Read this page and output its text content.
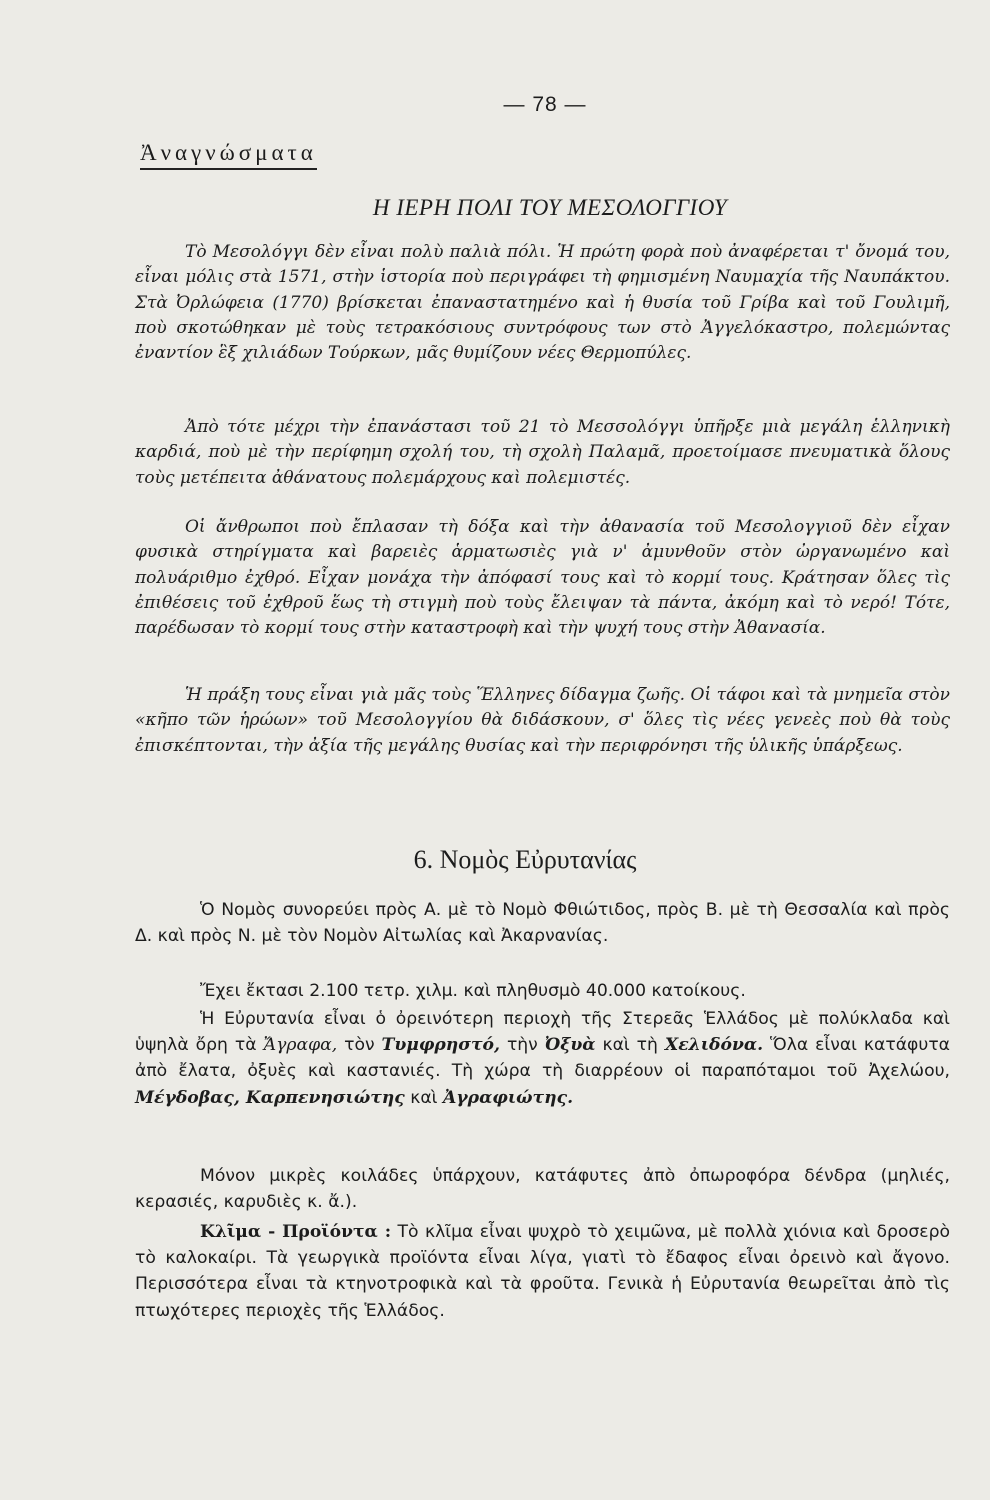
— 78 —
Ἀναγνώσματα
Η ΙΕΡΗ ΠΟΛΙ ΤΟΥ ΜΕΣΟΛΟΓΓΙΟΥ

Τὸ Μεσολόγγι δὲν εἶναι πολὺ παλιὰ πόλι. Ἡ πρώτη φορὰ ποὺ ἀναφέρεται τ' ὄνομά του, εἶναι μόλις στὰ 1571, στὴν ἱστορία ποὺ περιγράφει τὴ φημισμένη Ναυμαχία τῆς Ναυπάκτου. Στὰ Ὀρλώφεια (1770) βρίσκεται ἐπαναστατημένο καὶ ἡ θυσία τοῦ Γρίβα καὶ τοῦ Γουλιμῆ, ποὺ σκοτώθηκαν μὲ τοὺς τετρακόσιους συντρόφους των στὸ Ἀγγελόκαστρο, πολεμώντας ἐναντίον ἓξ χιλιάδων Τούρκων, μᾶς θυμίζουν νέες Θερμοπύλες.

Ἀπὸ τότε μέχρι τὴν ἐπανάστασι τοῦ 21 τὸ Μεσσολόγγι ὑπῆρξε μιὰ μεγάλη ἑλληνικὴ καρδιά, ποὺ μὲ τὴν περίφημη σχολή του, τὴ σχολὴ Παλαμᾶ, προετοίμασε πνευματικὰ ὅλους τοὺς μετέπειτα ἀθάνατους πολεμάρχους καὶ πολεμιστές.

Οἱ ἄνθρωποι ποὺ ἔπλασαν τὴ δόξα καὶ τὴν ἀθανασία τοῦ Μεσολογγιοῦ δὲν εἶχαν φυσικὰ στηρίγματα καὶ βαρειὲς ἁρματωσιὲς γιὰ ν' ἀμυνθοῦν στὸν ὠργανωμένο καὶ πολυάριθμο ἐχθρό. Εἶχαν μονάχα τὴν ἀπόφασί τους καὶ τὸ κορμί τους. Κράτησαν ὅλες τὶς ἐπιθέσεις τοῦ ἐχθροῦ ἕως τὴ στιγμὴ ποὺ τοὺς ἔλειψαν τὰ πάντα, ἀκόμη καὶ τὸ νερό! Τότε, παρέδωσαν τὸ κορμί τους στὴν καταστροφὴ καὶ τὴν ψυχή τους στὴν Ἀθανασία.

Ἡ πράξη τους εἶναι γιὰ μᾶς τοὺς Ἕλληνες δίδαγμα ζωῆς. Οἱ τάφοι καὶ τὰ μνημεῖα στὸν «κῆπο τῶν ἡρώων» τοῦ Μεσολογγίου θὰ διδάσκουν, σ' ὅλες τὶς νέες γενεὲς ποὺ θὰ τοὺς ἐπισκέπτονται, τὴν ἀξία τῆς μεγάλης θυσίας καὶ τὴν περιφρόνησι τῆς ὑλικῆς ὑπάρξεως.

6. Νομὸς Εὐρυτανίας

Ὁ Νομὸς συνορεύει πρὸς Α. μὲ τὸ Νομὸ Φθιώτιδος, πρὸς Β. μὲ τὴ Θεσσαλία καὶ πρὸς Δ. καὶ πρὸς Ν. μὲ τὸν Νομὸν Αἰτωλίας καὶ Ἀκαρνανίας.

Ἔχει ἔκτασι 2.100 τετρ. χιλμ. καὶ πληθυσμὸ 40.000 κατοίκους.

Ἡ Εὐρυτανία εἶναι ὁ ὀρεινότερη περιοχὴ τῆς Στερεᾶς Ἑλλάδος μὲ πολύκλαδα καὶ ὑψηλὰ ὄρη τὰ Ἄγραφα, τὸν Τυμφρηστό, τὴν Ὀξυὰ καὶ τὴ Χελιδόνα. Ὅλα εἶναι κατάφυτα ἀπὸ ἔλατα, ὀξυὲς καὶ καστανιές. Τὴ χώρα τὴ διαρρέουν οἱ παραπόταμοι τοῦ Ἀχελώου, Μέγδοβας, Καρπενησιώτης καὶ Ἀγραφιώτης.

Μόνον μικρὲς κοιλάδες ὑπάρχουν, κατάφυτες ἀπὸ ὀπωροφόρα δένδρα (μηλιές, κερασιές, καρυδιὲς κ. ἄ.).

Κλῖμα - Προϊόντα : Τὸ κλῖμα εἶναι ψυχρὸ τὸ χειμῶνα, μὲ πολλὰ χιόνια καὶ δροσερὸ τὸ καλοκαίρι. Τὰ γεωργικὰ προϊόντα εἶναι λίγα, γιατὶ τὸ ἔδαφος εἶναι ὀρεινὸ καὶ ἄγονο. Περισσότερα εἶναι τὰ κτηνοτροφικὰ καὶ τὰ φροῦτα. Γενικὰ ἡ Εὐρυτανία θεωρεῖται ἀπὸ τὶς πτωχότερες περιοχὲς τῆς Ἑλλάδος.
